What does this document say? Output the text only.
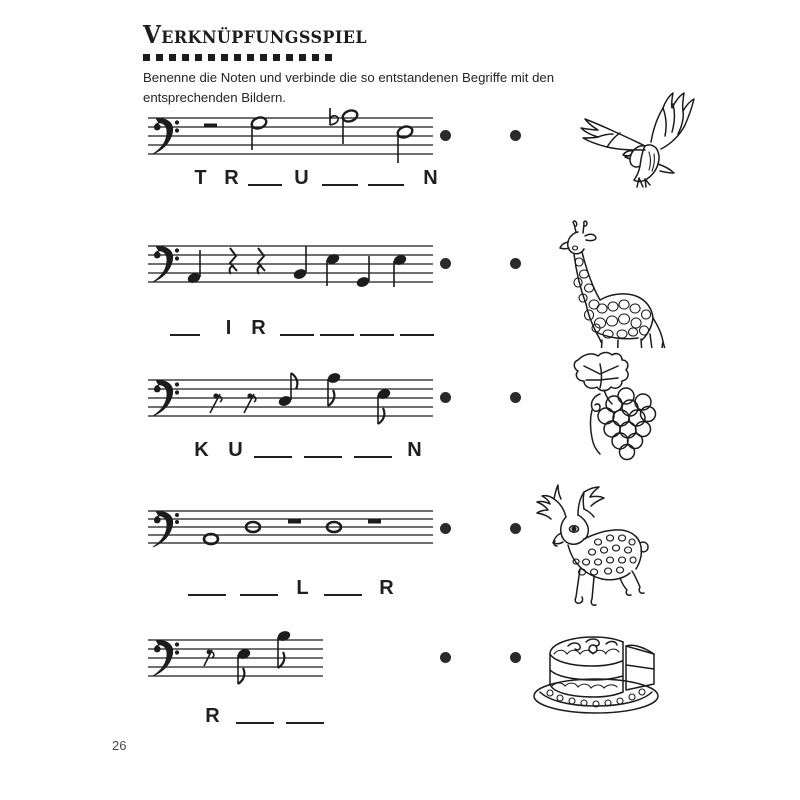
Verknüpfungsspiel
Benenne die Noten und verbinde die so entstandenen Begriffe mit den entsprechenden Bildern.
T R	U	N
I R
K U	N
L	R
R
26
